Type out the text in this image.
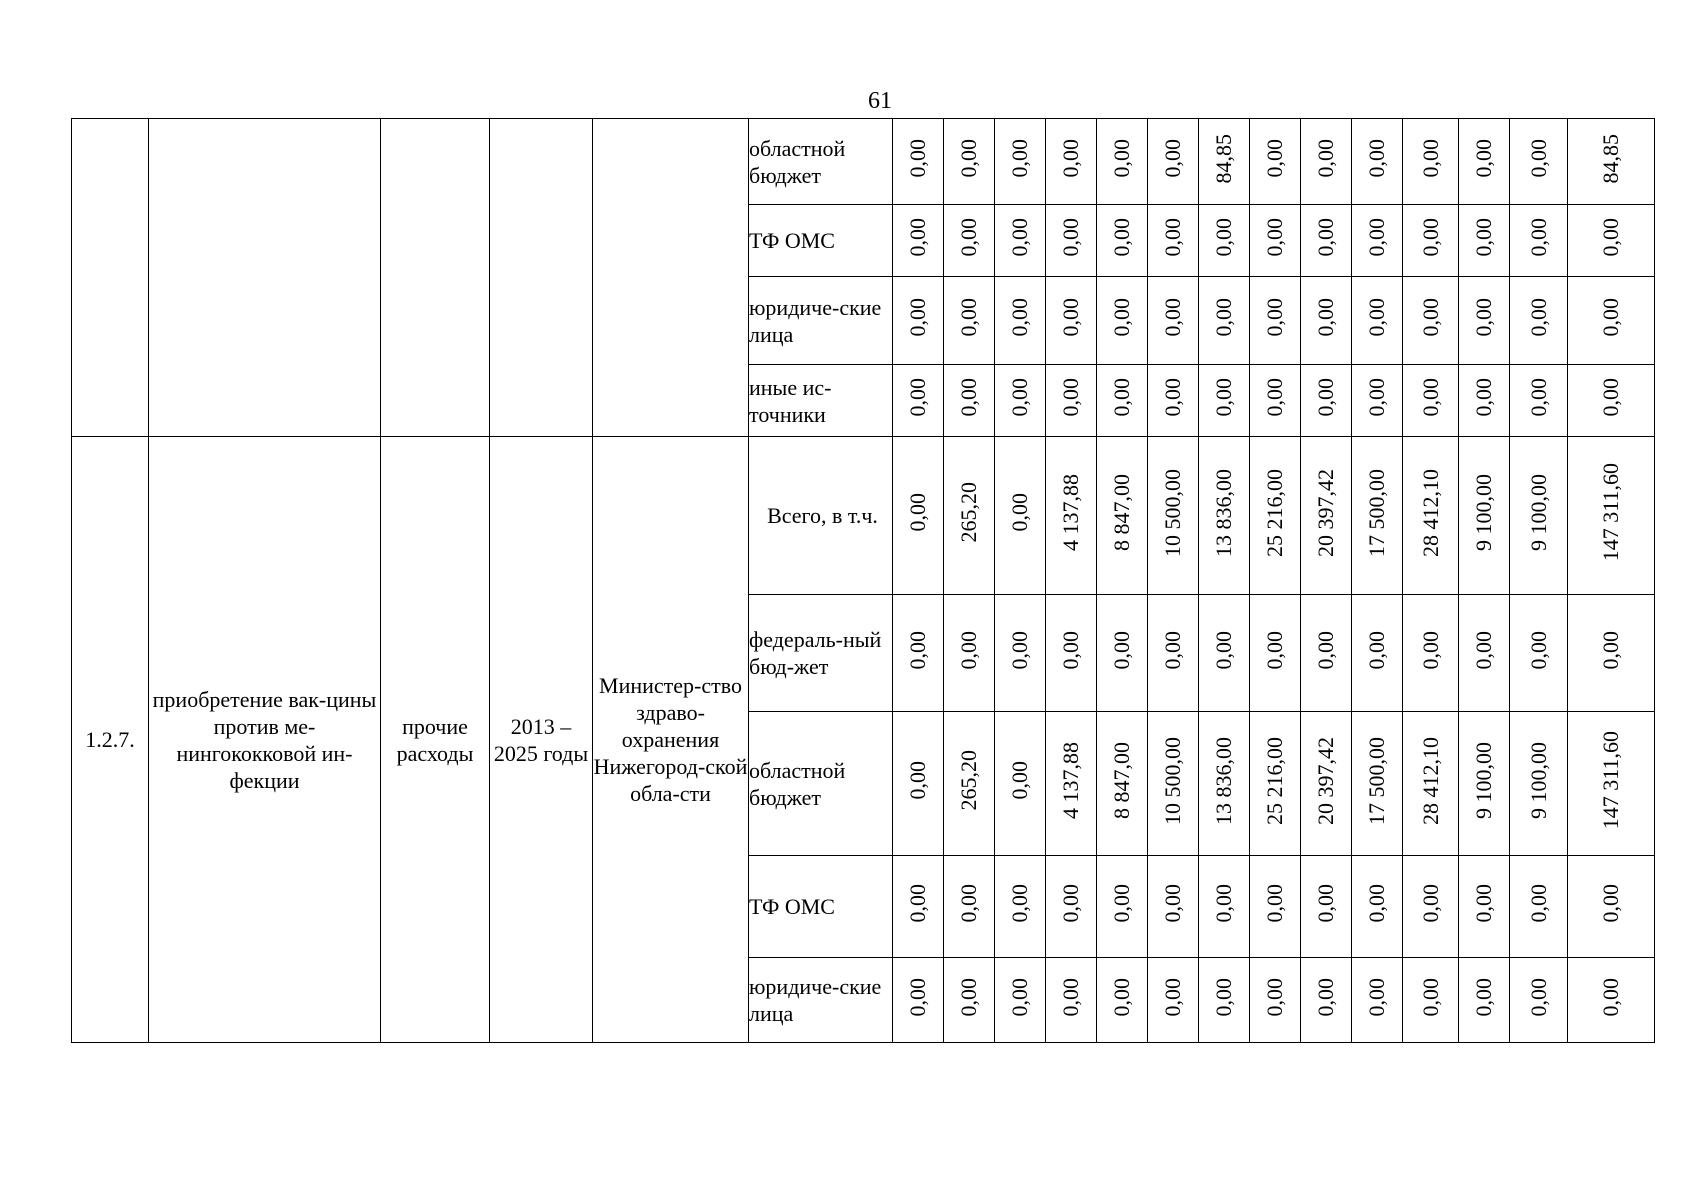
61
					областной бюджет	0,00	0,00	0,00	0,00	0,00	0,00	84,85	0,00	0,00	0,00	0,00	0,00	0,00	84,85
					ТФ ОМС	0,00	0,00	0,00	0,00	0,00	0,00	0,00	0,00	0,00	0,00	0,00	0,00	0,00	0,00
					юридиче-ские лица	0,00	0,00	0,00	0,00	0,00	0,00	0,00	0,00	0,00	0,00	0,00	0,00	0,00	0,00
					иные ис-точники	0,00	0,00	0,00	0,00	0,00	0,00	0,00	0,00	0,00	0,00	0,00	0,00	0,00	0,00
1.2.7.	приобретение вак-цины против ме-нингококковой ин-фекции	прочие расходы	2013 – 2025 годы	Министер-ство здраво-охранения Нижегород-ской обла-сти	Всего, в т.ч.	0,00	265,20	0,00	4 137,88	8 847,00	10 500,00	13 836,00	25 216,00	20 397,42	17 500,00	28 412,10	9 100,00	9 100,00	147 311,60
					федераль-ный бюд-жет	0,00	0,00	0,00	0,00	0,00	0,00	0,00	0,00	0,00	0,00	0,00	0,00	0,00	0,00
					областной бюджет	0,00	265,20	0,00	4 137,88	8 847,00	10 500,00	13 836,00	25 216,00	20 397,42	17 500,00	28 412,10	9 100,00	9 100,00	147 311,60
					ТФ ОМС	0,00	0,00	0,00	0,00	0,00	0,00	0,00	0,00	0,00	0,00	0,00	0,00	0,00	0,00
					юридиче-ские лица	0,00	0,00	0,00	0,00	0,00	0,00	0,00	0,00	0,00	0,00	0,00	0,00	0,00	0,00
